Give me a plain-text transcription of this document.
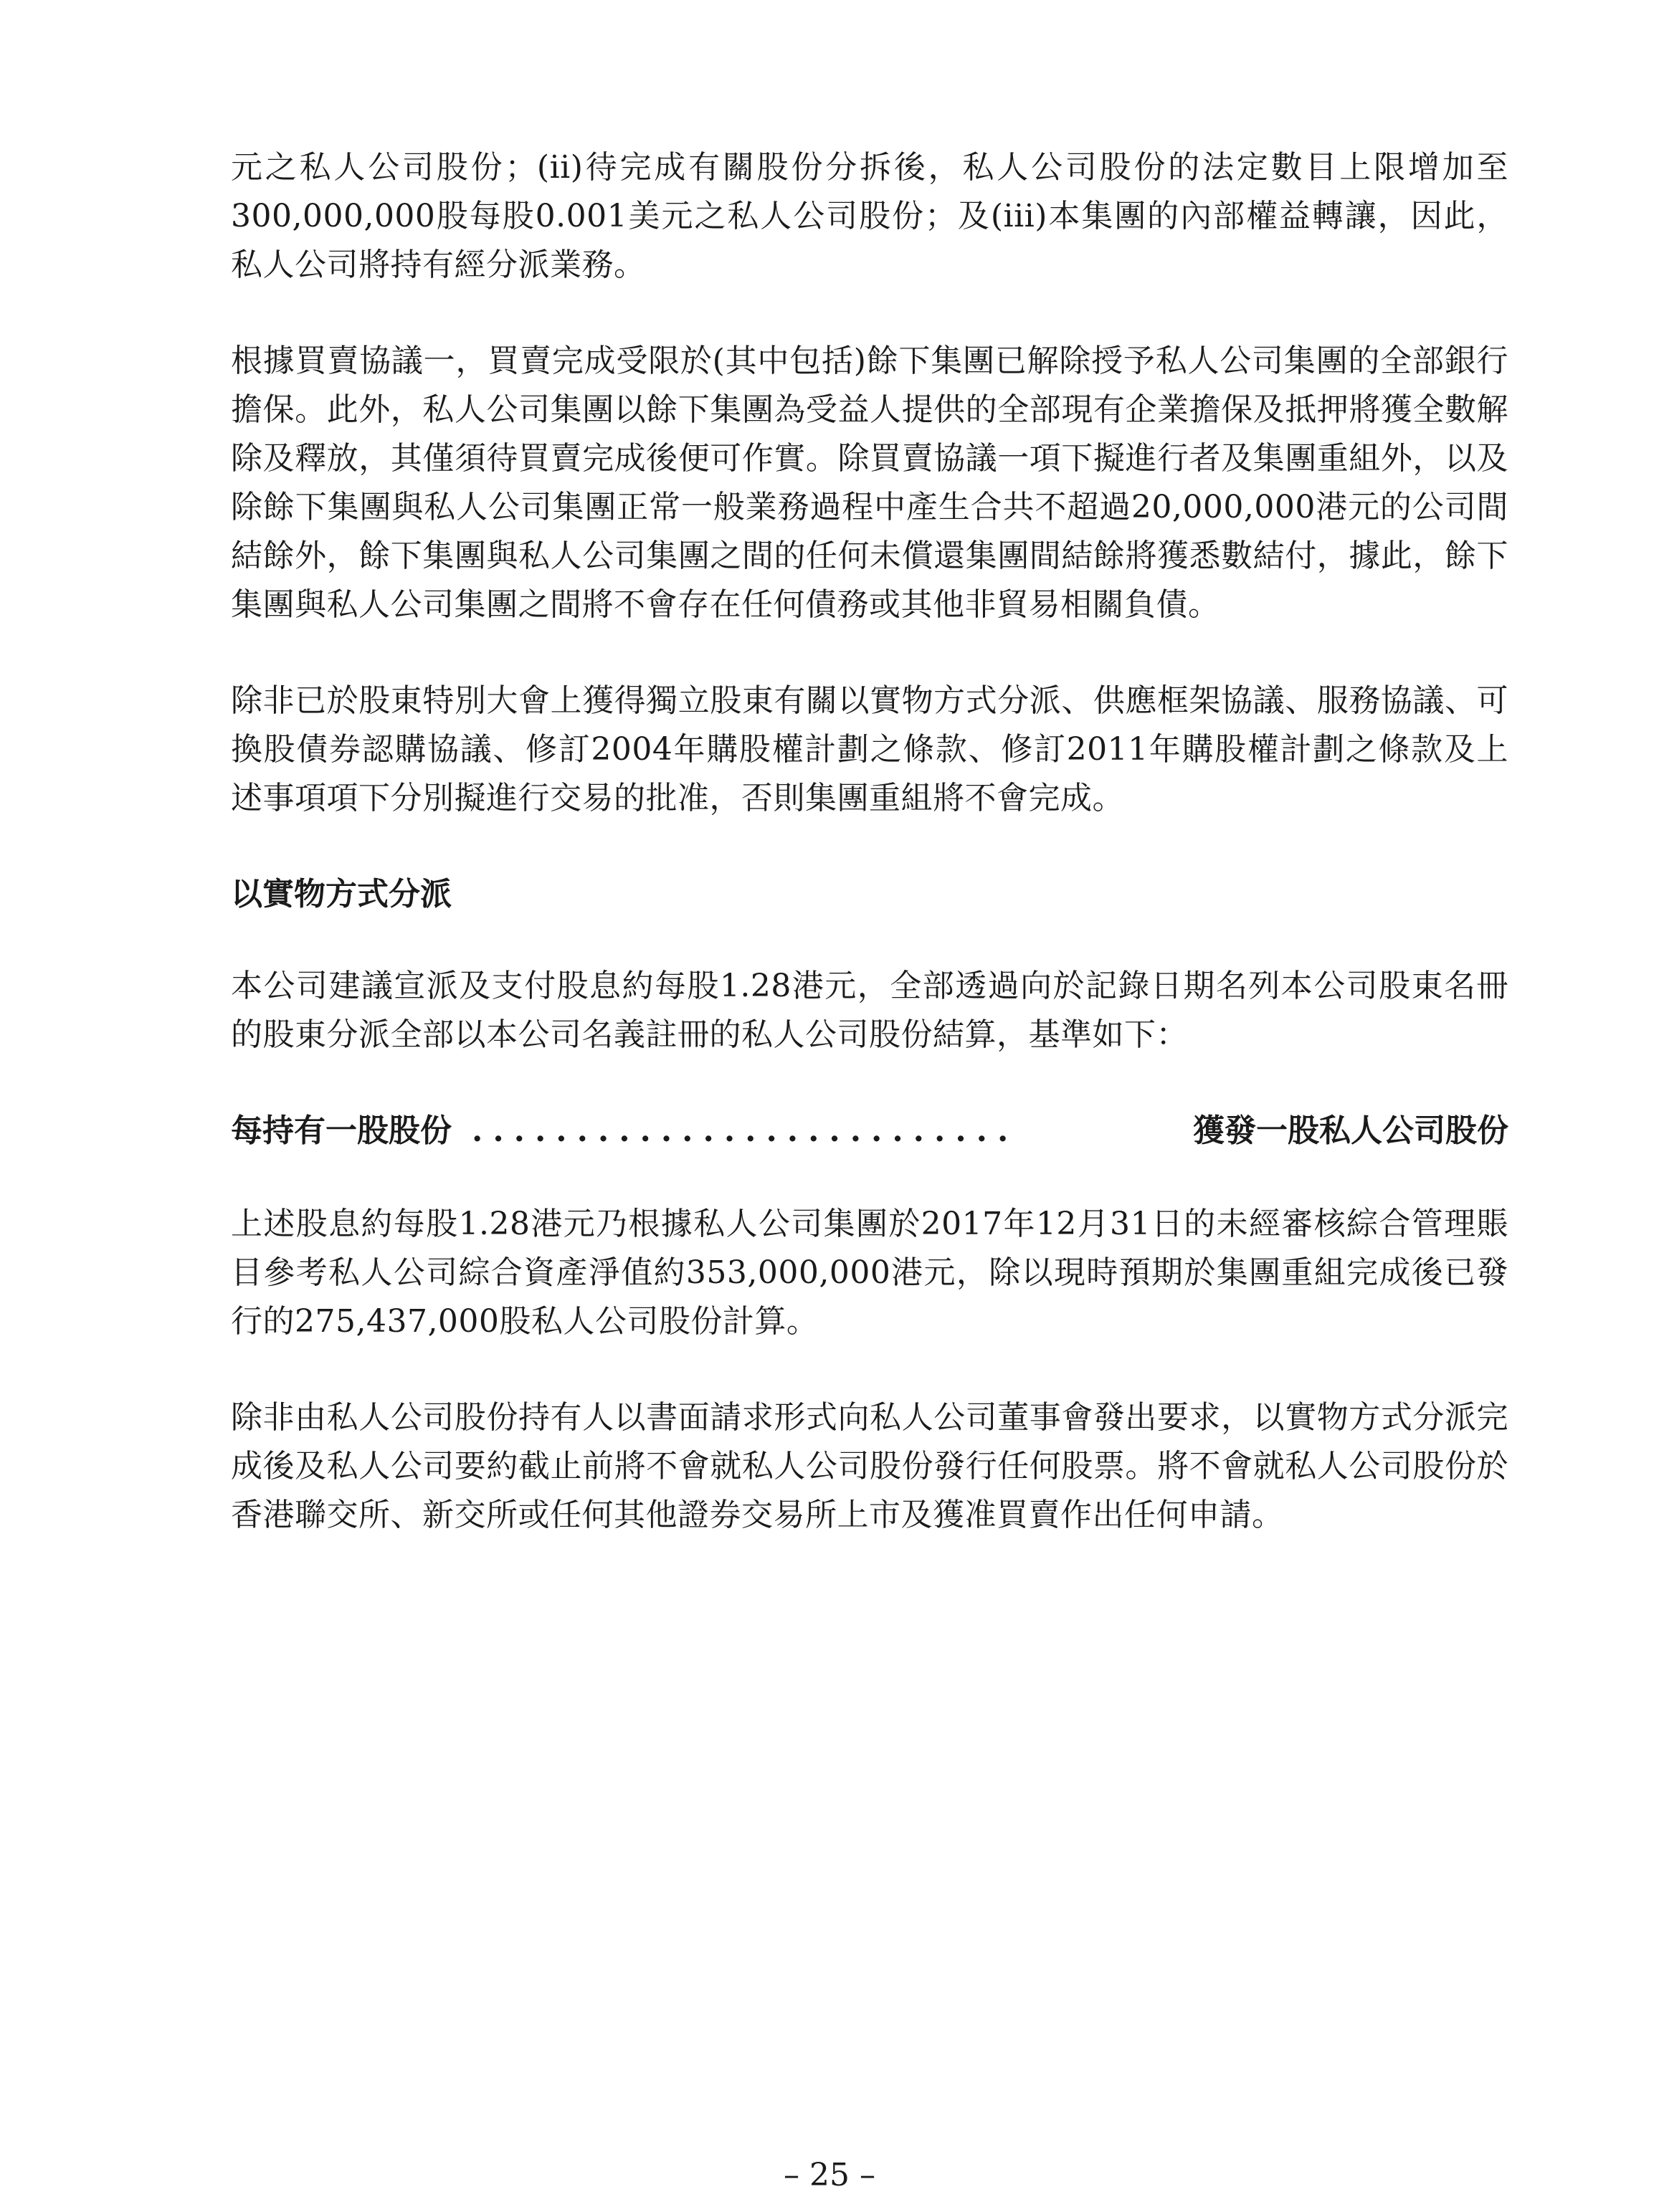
元之私人公司股份；(ii)待完成有關股份分拆後，私人公司股份的法定數目上限增加至300,000,000股每股0.001美元之私人公司股份；及(iii)本集團的內部權益轉讓，因此，私人公司將持有經分派業務。

根據買賣協議一，買賣完成受限於(其中包括)餘下集團已解除授予私人公司集團的全部銀行擔保。此外，私人公司集團以餘下集團為受益人提供的全部現有企業擔保及抵押將獲全數解除及釋放，其僅須待買賣完成後便可作實。除買賣協議一項下擬進行者及集團重組外，以及除餘下集團與私人公司集團正常一般業務過程中產生合共不超過20,000,000港元的公司間結餘外，餘下集團與私人公司集團之間的任何未償還集團間結餘將獲悉數結付，據此，餘下集團與私人公司集團之間將不會存在任何債務或其他非貿易相關負債。

除非已於股東特別大會上獲得獨立股東有關以實物方式分派、供應框架協議、服務協議、可換股債券認購協議、修訂2004年購股權計劃之條款、修訂2011年購股權計劃之條款及上述事項項下分別擬進行交易的批准，否則集團重組將不會完成。

以實物方式分派

本公司建議宣派及支付股息約每股1.28港元，全部透過向於記錄日期名列本公司股東名冊的股東分派全部以本公司名義註冊的私人公司股份結算，基準如下：

每持有一股股份 ..........................	獲發一股私人公司股份

上述股息約每股1.28港元乃根據私人公司集團於2017年12月31日的未經審核綜合管理賬目參考私人公司綜合資產淨值約353,000,000港元，除以現時預期於集團重組完成後已發行的275,437,000股私人公司股份計算。

除非由私人公司股份持有人以書面請求形式向私人公司董事會發出要求，以實物方式分派完成後及私人公司要約截止前將不會就私人公司股份發行任何股票。將不會就私人公司股份於香港聯交所、新交所或任何其他證券交易所上市及獲准買賣作出任何申請。

– 25 –
